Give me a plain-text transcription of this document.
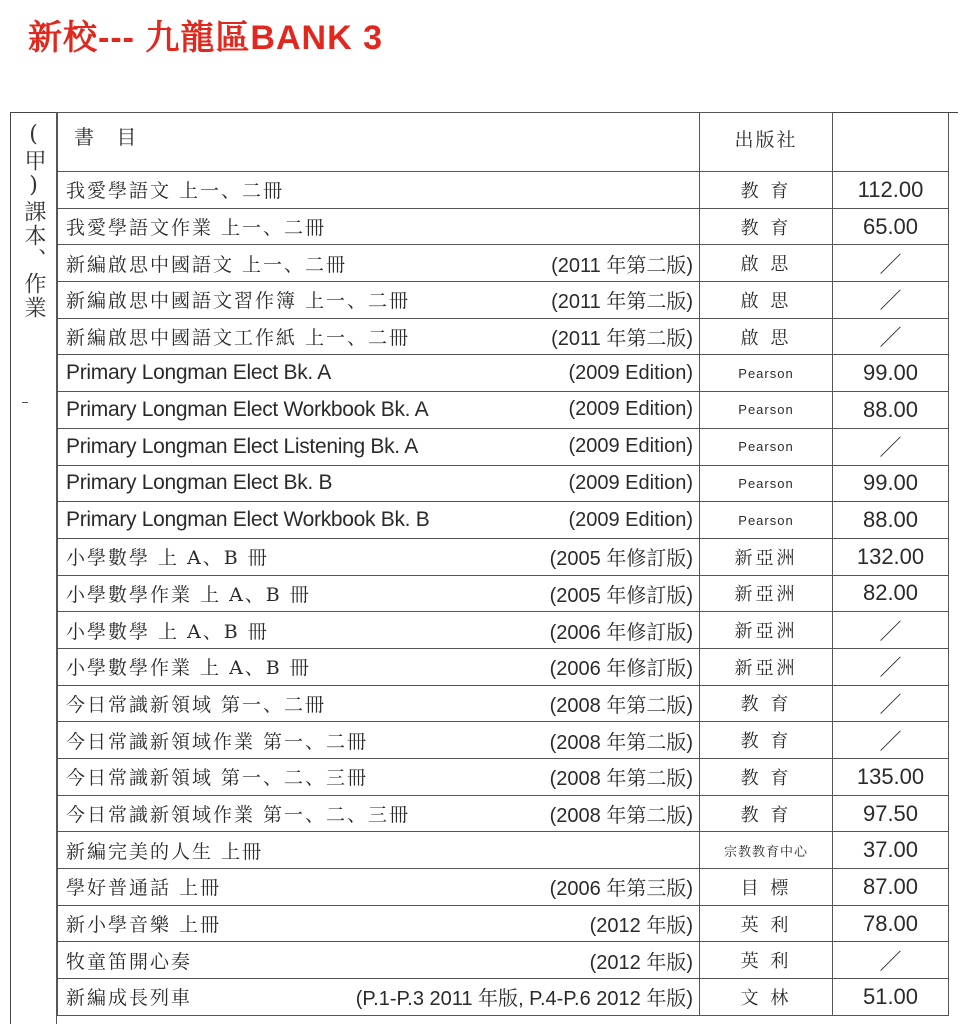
新校--- 九龍區BANK 3
(甲)課本、作業 書 目	出版社	

我愛學語文 上一、二冊	教 育	112.00

我愛學語文作業 上一、二冊	教 育	65.00

新編啟思中國語文 上一、二冊 (2011 年第二版)	啟 思	／

新編啟思中國語文習作簿 上一、二冊 (2011 年第二版)	啟 思	／

新編啟思中國語文工作紙 上一、二冊 (2011 年第二版)	啟 思	／

Primary Longman Elect Bk. A (2009 Edition)	Pearson	99.00

Primary Longman Elect Workbook Bk. A (2009 Edition)	Pearson	88.00

Primary Longman Elect Listening Bk. A (2009 Edition)	Pearson	／

Primary Longman Elect Bk. B (2009 Edition)	Pearson	99.00

Primary Longman Elect Workbook Bk. B (2009 Edition)	Pearson	88.00

小學數學 上 A、B 冊 (2005 年修訂版)	新亞洲	132.00

小學數學作業 上 A、B 冊 (2005 年修訂版)	新亞洲	82.00

小學數學 上 A、B 冊 (2006 年修訂版)	新亞洲	／

小學數學作業 上 A、B 冊 (2006 年修訂版)	新亞洲	／

今日常識新領域 第一、二冊 (2008 年第二版)	教 育	／

今日常識新領域作業 第一、二冊 (2008 年第二版)	教 育	／

今日常識新領域 第一、二、三冊 (2008 年第二版)	教 育	135.00

今日常識新領域作業 第一、二、三冊 (2008 年第二版)	教 育	97.50

新編完美的人生 上冊	宗教教育中心	37.00

學好普通話 上冊 (2006 年第三版)	目 標	87.00

新小學音樂 上冊 (2012 年版)	英 利	78.00

牧童笛開心奏 (2012 年版)	英 利	／

新編成長列車 (P.1-P.3 2011 年版, P.4-P.6 2012 年版)	文 林	51.00
